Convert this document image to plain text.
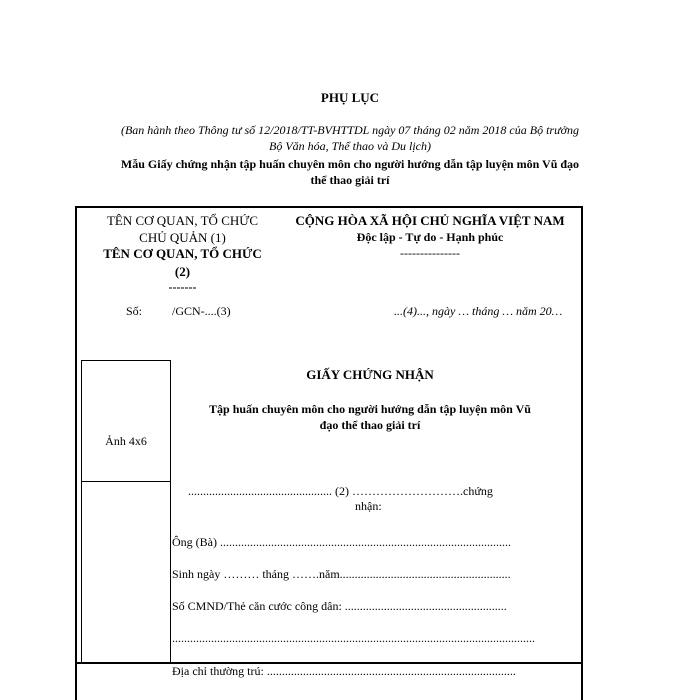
PHỤ LỤC
(Ban hành theo Thông tư số 12/2018/TT-BVHTTDL ngày 07 tháng 02 năm 2018 của Bộ trưởng
Bộ Văn hóa, Thể thao và Du lịch)
Mẫu Giấy chứng nhận tập huấn chuyên môn cho người hướng dẫn tập luyện môn Vũ đạo
thể thao giải trí
TÊN CƠ QUAN, TỔ CHỨC
CHỦ QUẢN (1)
TÊN CƠ QUAN, TỔ CHỨC
(2)
-------
Số: /GCN-....(3)
CỘNG HÒA XÃ HỘI CHỦ NGHĨA VIỆT NAM
Độc lập - Tự do - Hạnh phúc
---------------
...(4)..., ngày … tháng … năm 20…
Ảnh 4x6
GIẤY CHỨNG NHẬN
Tập huấn chuyên môn cho người hướng dẫn tập luyện môn Vũ
đạo thể thao giải trí
................................................ (2) ……………………….chứng
nhận:
Ông (Bà) .................................................................................................
Sinh ngày ……… tháng …….năm.........................................................
Số CMND/Thẻ căn cước công dân: ......................................................
.........................................................................................................................
Địa chỉ thường trú: ...................................................................................
